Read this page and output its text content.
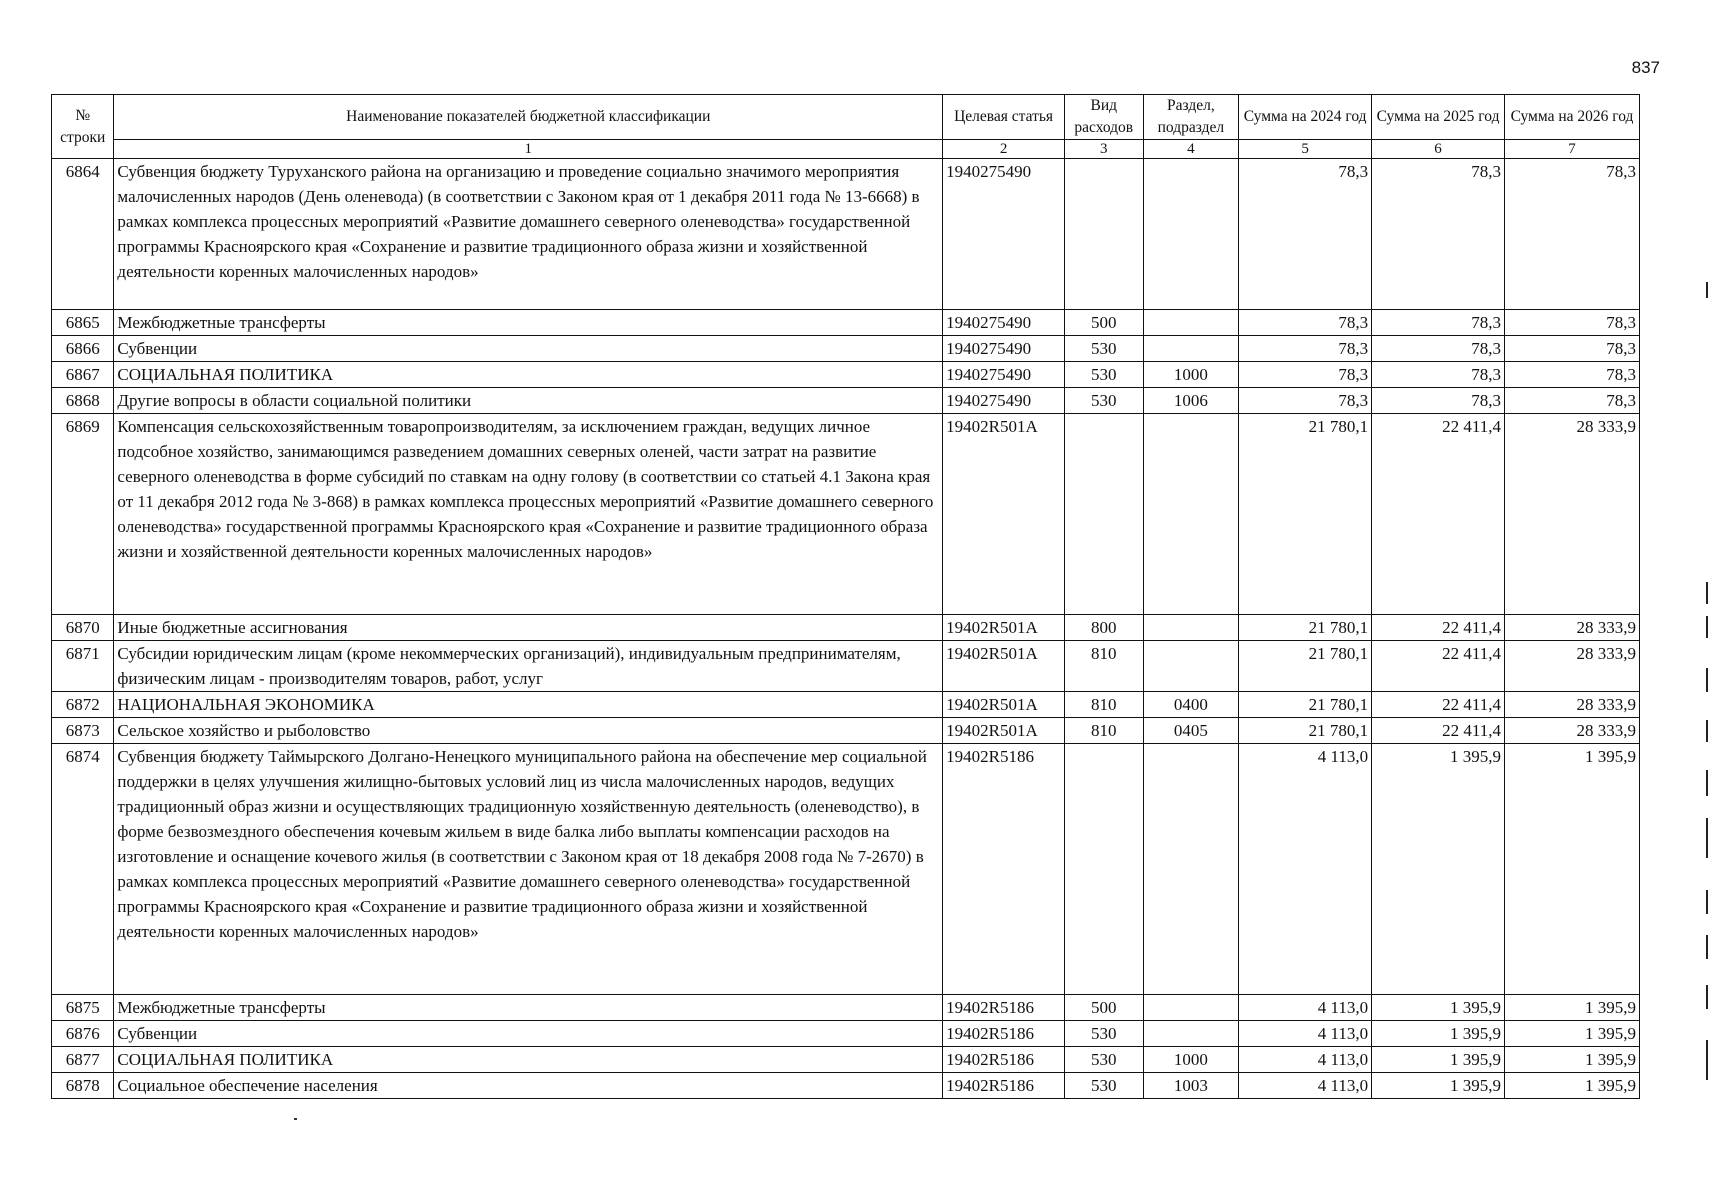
837
№ строки	Наименование показателей бюджетной классификации	Целевая статья	Вид расходов	Раздел, подраздел	Сумма на 2024 год	Сумма на 2025 год	Сумма на 2026 год
	1	2	3	4	5	6	7
6864	Субвенция бюджету Туруханского района на организацию и проведение социально значимого мероприятия малочисленных народов (День оленевода) (в соответствии с Законом края от 1 декабря 2011 года № 13-6668) в рамках комплекса процессных мероприятий «Развитие домашнего северного оленеводства» государственной программы Красноярского края «Сохранение и развитие традиционного образа жизни и хозяйственной деятельности коренных малочисленных народов»	1940275490			78,3	78,3	78,3
6865	Межбюджетные трансферты	1940275490	500		78,3	78,3	78,3
6866	Субвенции	1940275490	530		78,3	78,3	78,3
6867	СОЦИАЛЬНАЯ ПОЛИТИКА	1940275490	530	1000	78,3	78,3	78,3
6868	Другие вопросы в области социальной политики	1940275490	530	1006	78,3	78,3	78,3
6869	Компенсация сельскохозяйственным товаропроизводителям, за исключением граждан, ведущих личное подсобное хозяйство, занимающимся разведением домашних северных оленей, части затрат на развитие северного оленеводства в форме субсидий по ставкам на одну голову (в соответствии со статьей 4.1 Закона края от 11 декабря 2012 года № 3-868) в рамках комплекса процессных мероприятий «Развитие домашнего северного оленеводства» государственной программы Красноярского края «Сохранение и развитие традиционного образа жизни и хозяйственной деятельности коренных малочисленных народов»	19402R501A			21 780,1	22 411,4	28 333,9
6870	Иные бюджетные ассигнования	19402R501A	800		21 780,1	22 411,4	28 333,9
6871	Субсидии юридическим лицам (кроме некоммерческих организаций), индивидуальным предпринимателям, физическим лицам - производителям товаров, работ, услуг	19402R501A	810		21 780,1	22 411,4	28 333,9
6872	НАЦИОНАЛЬНАЯ ЭКОНОМИКА	19402R501A	810	0400	21 780,1	22 411,4	28 333,9
6873	Сельское хозяйство и рыболовство	19402R501A	810	0405	21 780,1	22 411,4	28 333,9
6874	Субвенция бюджету Таймырского Долгано-Ненецкого муниципального района на обеспечение мер социальной поддержки в целях улучшения жилищно-бытовых условий лиц из числа малочисленных народов, ведущих традиционный образ жизни и осуществляющих традиционную хозяйственную деятельность (оленеводство), в форме безвозмездного обеспечения кочевым жильем в виде балка либо выплаты компенсации расходов на изготовление и оснащение кочевого жилья (в соответствии с Законом края от 18 декабря 2008 года № 7-2670) в рамках комплекса процессных мероприятий «Развитие домашнего северного оленеводства» государственной программы Красноярского края «Сохранение и развитие традиционного образа жизни и хозяйственной деятельности коренных малочисленных народов»	19402R5186			4 113,0	1 395,9	1 395,9
6875	Межбюджетные трансферты	19402R5186	500		4 113,0	1 395,9	1 395,9
6876	Субвенции	19402R5186	530		4 113,0	1 395,9	1 395,9
6877	СОЦИАЛЬНАЯ ПОЛИТИКА	19402R5186	530	1000	4 113,0	1 395,9	1 395,9
6878	Социальное обеспечение населения	19402R5186	530	1003	4 113,0	1 395,9	1 395,9
